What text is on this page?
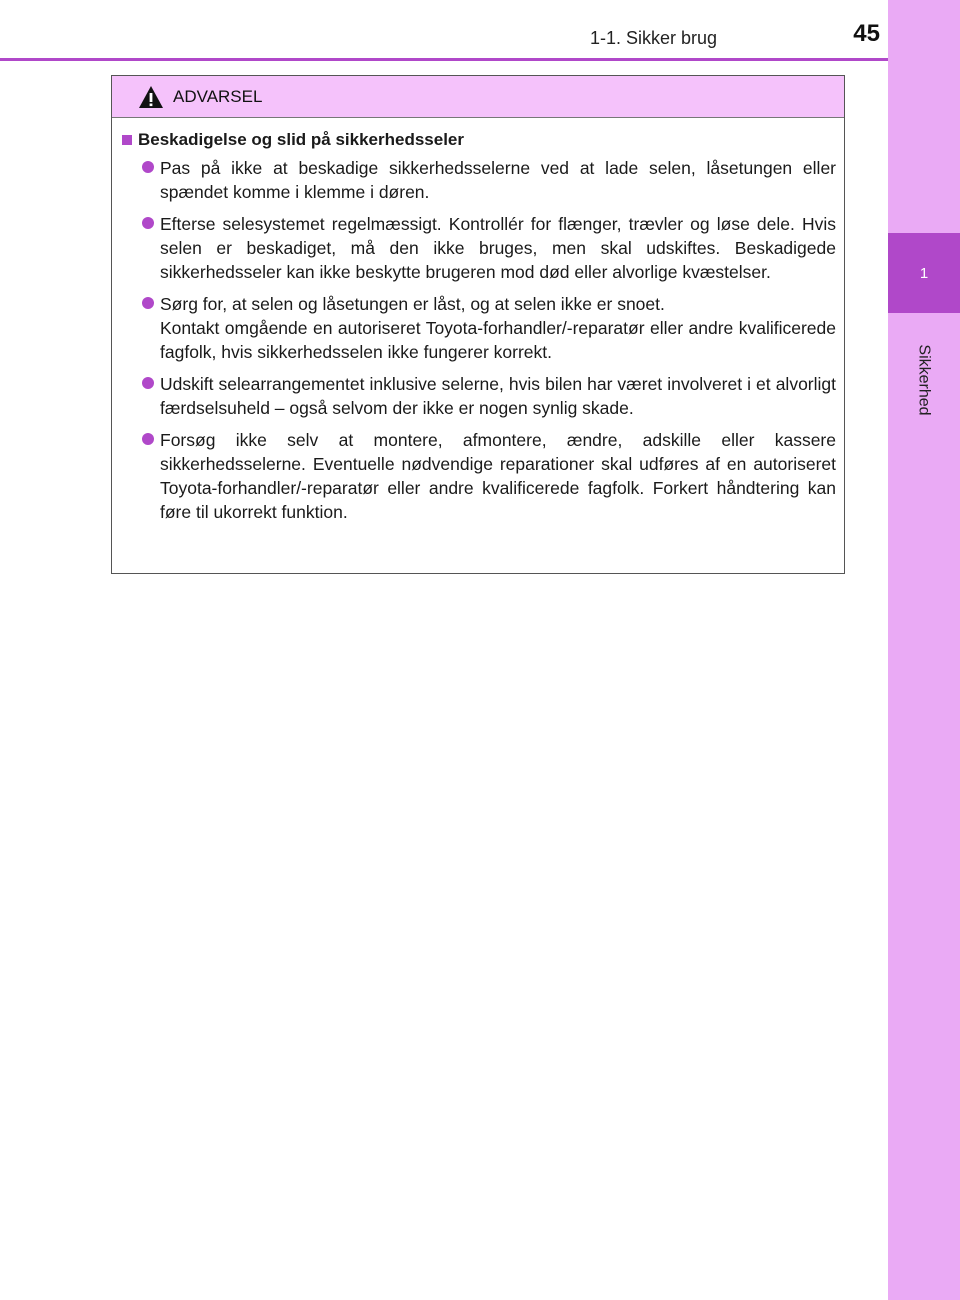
1
Sikkerhed
1-1. Sikker brug	45
ADVARSEL
Beskadigelse og slid på sikkerhedsseler
Pas på ikke at beskadige sikkerhedsselerne ved at lade selen, låsetungen eller spændet komme i klemme i døren.
Efterse selesystemet regelmæssigt. Kontrollér for flænger, trævler og løse dele. Hvis selen er beskadiget, må den ikke bruges, men skal udskiftes. Beskadigede sikkerhedsseler kan ikke beskytte brugeren mod død eller alvorlige kvæstelser.
Sørg for, at selen og låsetungen er låst, og at selen ikke er snoet.
Kontakt omgående en autoriseret Toyota-forhandler/-reparatør eller andre kvalificerede fagfolk, hvis sikkerhedsselen ikke fungerer korrekt.
Udskift selearrangementet inklusive selerne, hvis bilen har været involveret i et alvorligt færdselsuheld – også selvom der ikke er nogen synlig skade.
Forsøg ikke selv at montere, afmontere, ændre, adskille eller kassere sikkerhedsselerne. Eventuelle nødvendige reparationer skal udføres af en autoriseret Toyota-forhandler/-reparatør eller andre kvalificerede fagfolk. Forkert håndtering kan føre til ukorrekt funktion.
